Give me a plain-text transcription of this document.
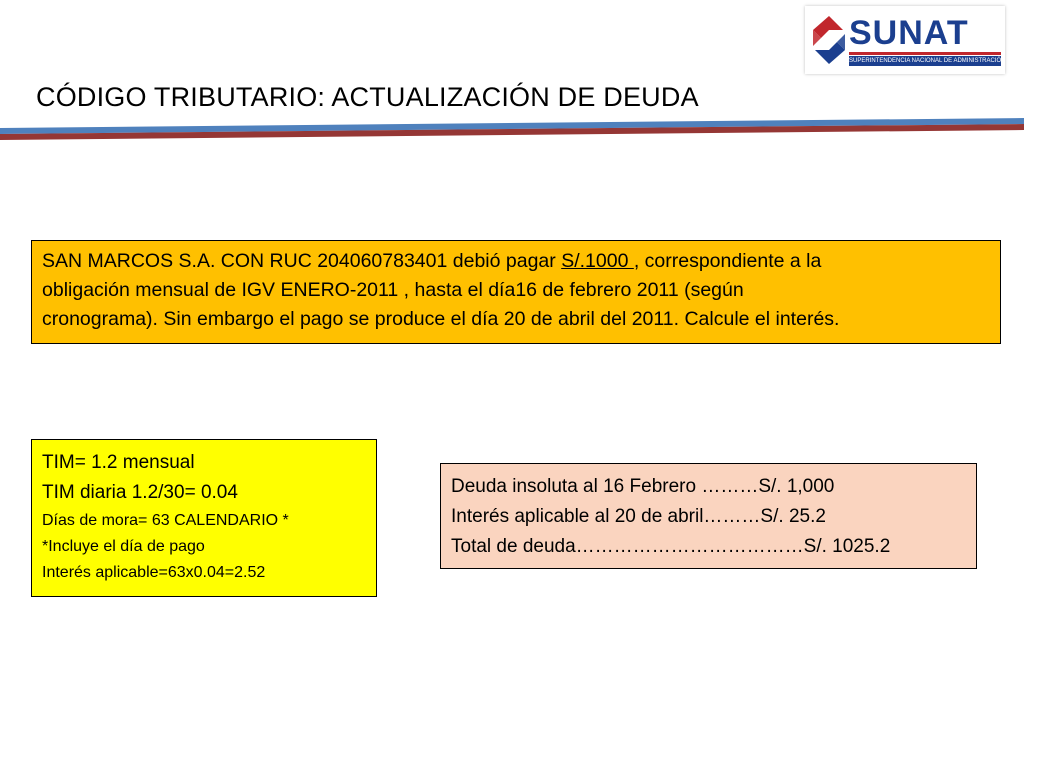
SUNAT
SUPERINTENDENCIA NACIONAL DE ADMINISTRACIÓN TRIBUTARIA
CÓDIGO TRIBUTARIO: ACTUALIZACIÓN DE DEUDA
SAN MARCOS S.A. CON RUC 204060783401 debió pagar S/.1000 , correspondiente a la
obligación mensual de IGV ENERO-2011 , hasta el día16 de febrero 2011 (según
cronograma). Sin embargo el pago se produce el día 20 de abril del 2011. Calcule el interés.
TIM= 1.2 mensual
TIM diaria 1.2/30= 0.04
Días de mora= 63 CALENDARIO *
*Incluye el día de pago
Interés aplicable=63x0.04=2.52
Deuda insoluta al 16 Febrero ………S/. 1,000
Interés aplicable al 20 de abril………S/. 25.2
Total de deuda………………………………S/. 1025.2
